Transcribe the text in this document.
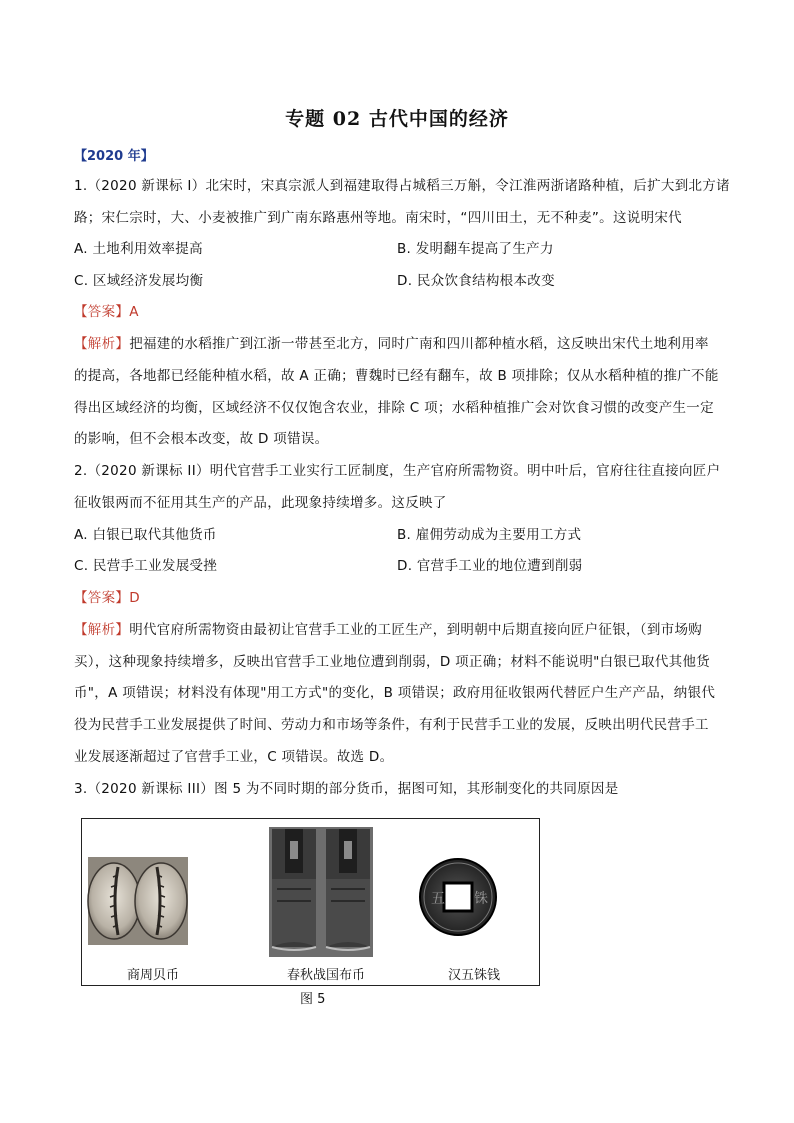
专题 02 古代中国的经济
【2020 年】
1.（2020 新课标 I）北宋时，宋真宗派人到福建取得占城稻三万斛，令江淮两浙诸路种植，后扩大到北方诸
路；宋仁宗时，大、小麦被推广到广南东路惠州等地。南宋时，“四川田土，无不种麦”。这说明宋代
A. 土地利用效率提高	B. 发明翻车提高了生产力
C. 区域经济发展均衡	D. 民众饮食结构根本改变
【答案】A
【解析】把福建的水稻推广到江浙一带甚至北方，同时广南和四川都种植水稻，这反映出宋代土地利用率
的提高，各地都已经能种植水稻，故 A 正确；曹魏时已经有翻车，故 B 项排除；仅从水稻种植的推广不能
得出区域经济的均衡，区域经济不仅仅饱含农业，排除 C 项；水稻种植推广会对饮食习惯的改变产生一定
的影响，但不会根本改变，故 D 项错误。
2.（2020 新课标 II）明代官营手工业实行工匠制度，生产官府所需物资。明中叶后，官府往往直接向匠户
征收银两而不征用其生产的产品，此现象持续增多。这反映了
A. 白银已取代其他货币	B. 雇佣劳动成为主要用工方式
C. 民营手工业发展受挫	D. 官营手工业的地位遭到削弱
【答案】D
【解析】明代官府所需物资由最初让官营手工业的工匠生产，到明朝中后期直接向匠户征银，（到市场购
买），这种现象持续增多，反映出官营手工业地位遭到削弱，D 项正确；材料不能说明"白银已取代其他货
币"，A 项错误；材料没有体现"用工方式"的变化，B 项错误；政府用征收银两代替匠户生产产品，纳银代
役为民营手工业发展提供了时间、劳动力和市场等条件，有利于民营手工业的发展，反映出明代民营手工
业发展逐渐超过了官营手工业，C 项错误。故选 D。
3.（2020 新课标 III）图 5 为不同时期的部分货币，据图可知，其形制变化的共同原因是
五 铢
商周贝币	春秋战国布币	汉五铢钱
图 5
